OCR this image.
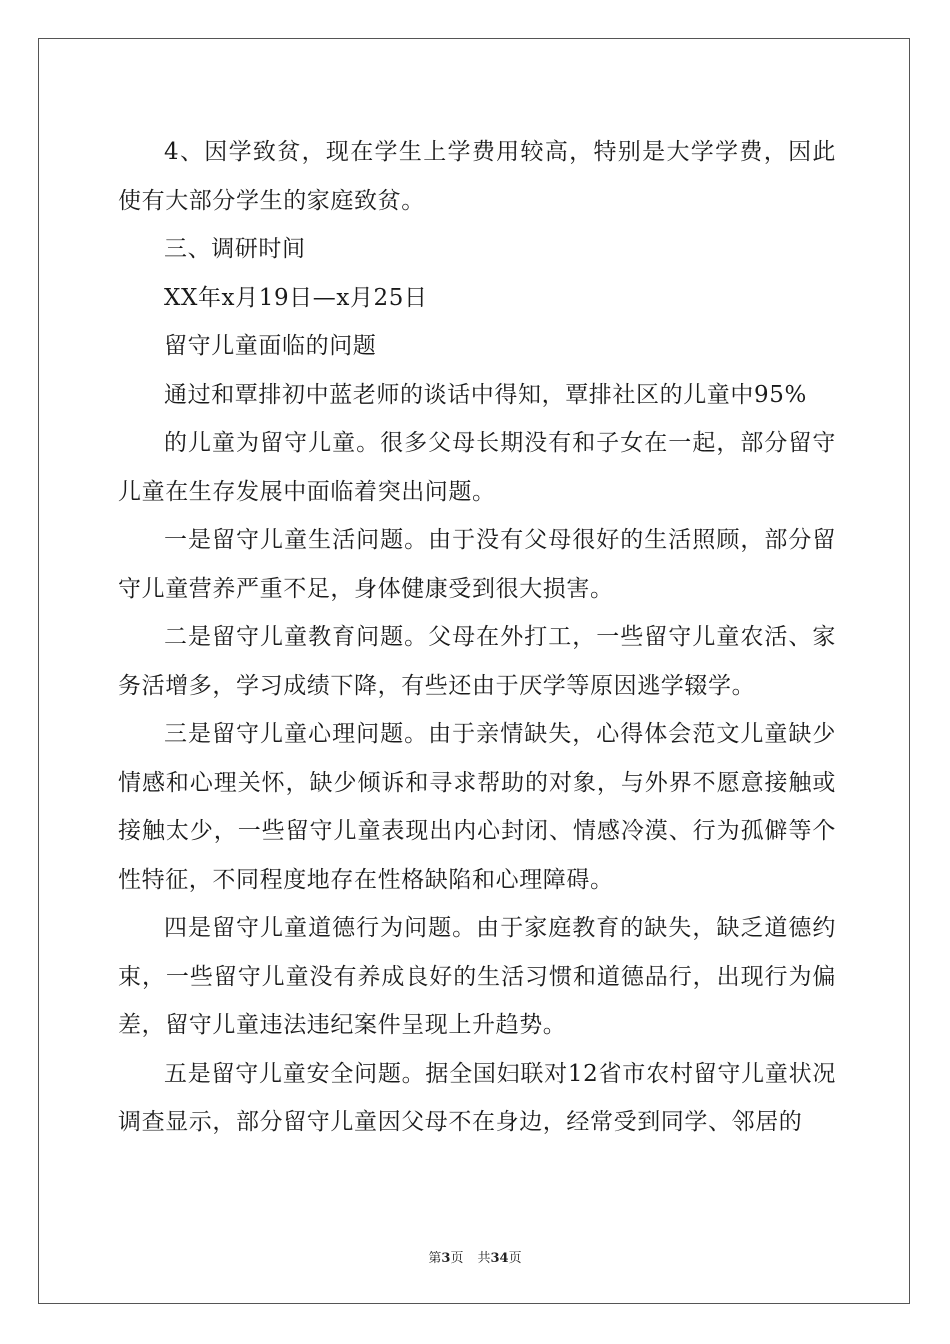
4、因学致贫，现在学生上学费用较高，特别是大学学费，因此使有大部分学生的家庭致贫。

三、调研时间

XX年x月19日—x月25日

留守儿童面临的问题

通过和覃排初中蓝老师的谈话中得知，覃排社区的儿童中95%

的儿童为留守儿童。很多父母长期没有和子女在一起，部分留守儿童在生存发展中面临着突出问题。

一是留守儿童生活问题。由于没有父母很好的生活照顾，部分留守儿童营养严重不足，身体健康受到很大损害。

二是留守儿童教育问题。父母在外打工，一些留守儿童农活、家务活增多，学习成绩下降，有些还由于厌学等原因逃学辍学。

三是留守儿童心理问题。由于亲情缺失，心得体会范文儿童缺少情感和心理关怀，缺少倾诉和寻求帮助的对象，与外界不愿意接触或接触太少，一些留守儿童表现出内心封闭、情感冷漠、行为孤僻等个性特征，不同程度地存在性格缺陷和心理障碍。

四是留守儿童道德行为问题。由于家庭教育的缺失，缺乏道德约束，一些留守儿童没有养成良好的生活习惯和道德品行，出现行为偏差，留守儿童违法违纪案件呈现上升趋势。

五是留守儿童安全问题。据全国妇联对12省市农村留守儿童状况调查显示，部分留守儿童因父母不在身边，经常受到同学、邻居的

第3页 共34页
